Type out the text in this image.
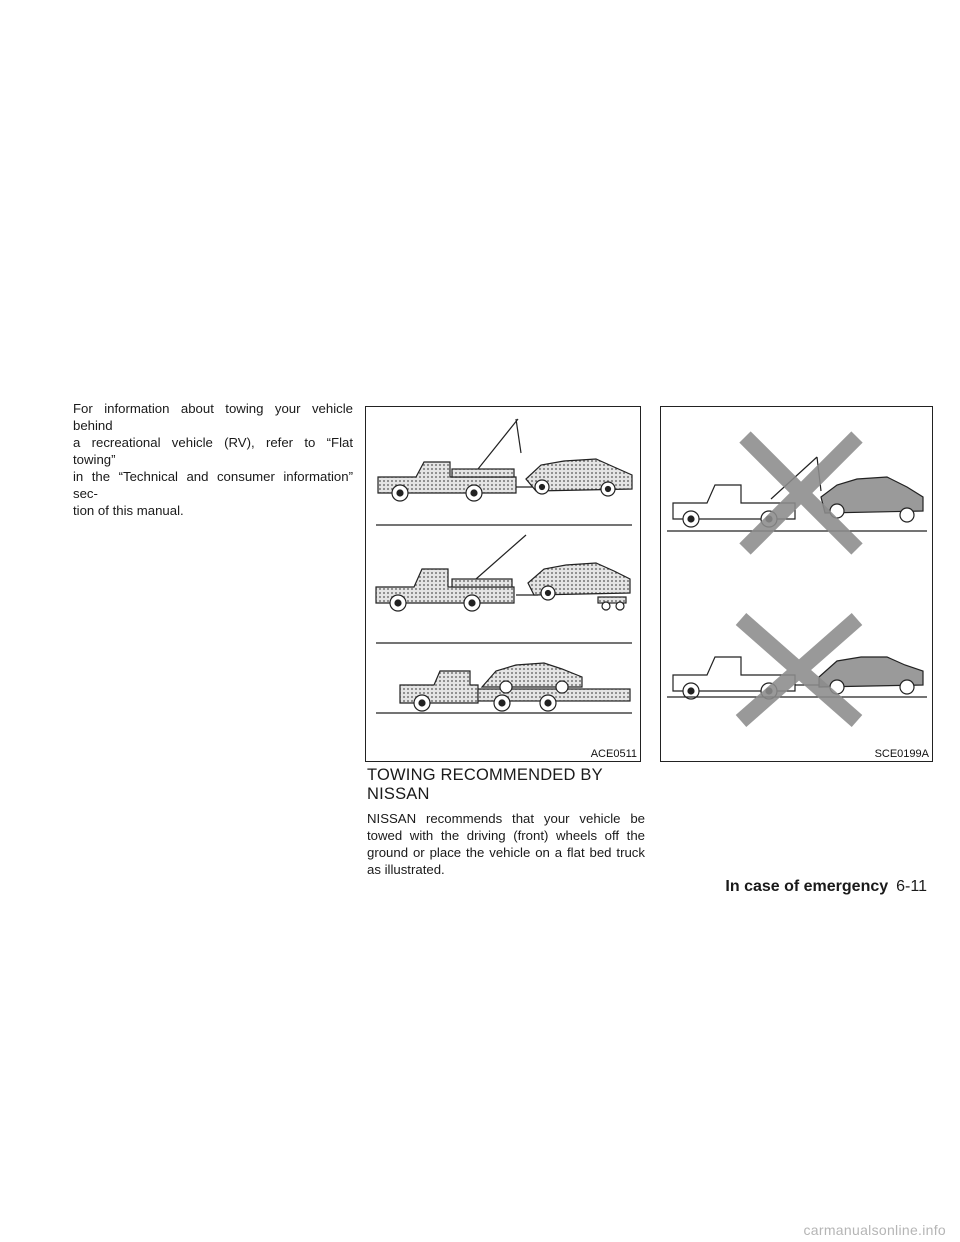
For information about towing your vehicle behind
a recreational vehicle (RV), refer to “Flat towing”
in the “Technical and consumer information” sec-
tion of this manual.

ACE0511	SCE0199A
TOWING RECOMMENDED BY
NISSAN

NISSAN recommends that your vehicle be towed with the driving (front) wheels off the ground or place the vehicle on a flat bed truck as illustrated.

In case of emergency 6-11
carmanualsonline.info
